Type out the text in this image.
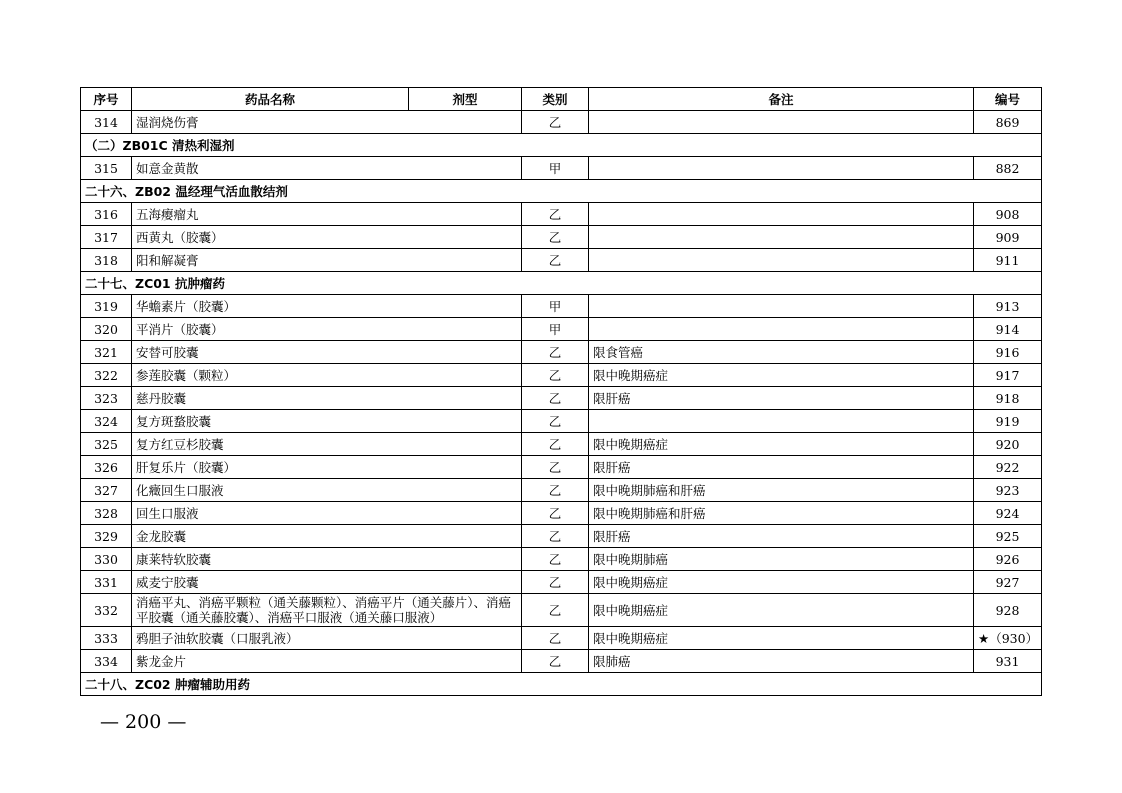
序号	药品名称	剂型	类别	备注	编号
314	湿润烧伤膏		乙		869
（二）ZB01C 清热利湿剂					
315	如意金黄散		甲		882
二十六、ZB02 温经理气活血散结剂					
316	五海瘿瘤丸		乙		908
317	西黄丸（胶囊）		乙		909
318	阳和解凝膏		乙		911
二十七、ZC01 抗肿瘤药					
319	华蟾素片（胶囊）		甲		913
320	平消片（胶囊）		甲		914
321	安替可胶囊		乙	限食管癌	916
322	参莲胶囊（颗粒）		乙	限中晚期癌症	917
323	慈丹胶囊		乙	限肝癌	918
324	复方斑蝥胶囊		乙		919
325	复方红豆杉胶囊		乙	限中晚期癌症	920
326	肝复乐片（胶囊）		乙	限肝癌	922
327	化癥回生口服液		乙	限中晚期肺癌和肝癌	923
328	回生口服液		乙	限中晚期肺癌和肝癌	924
329	金龙胶囊		乙	限肝癌	925
330	康莱特软胶囊		乙	限中晚期肺癌	926
331	威麦宁胶囊		乙	限中晚期癌症	927
332	消癌平丸、消癌平颗粒（通关藤颗粒）、消癌平片（通关藤片）、消癌平胶囊（通关藤胶囊）、消癌平口服液（通关藤口服液）		乙	限中晚期癌症	928
333	鸦胆子油软胶囊（口服乳液）		乙	限中晚期癌症	★（930）
334	紫龙金片		乙	限肺癌	931
二十八、ZC02 肿瘤辅助用药					
— 200 —
